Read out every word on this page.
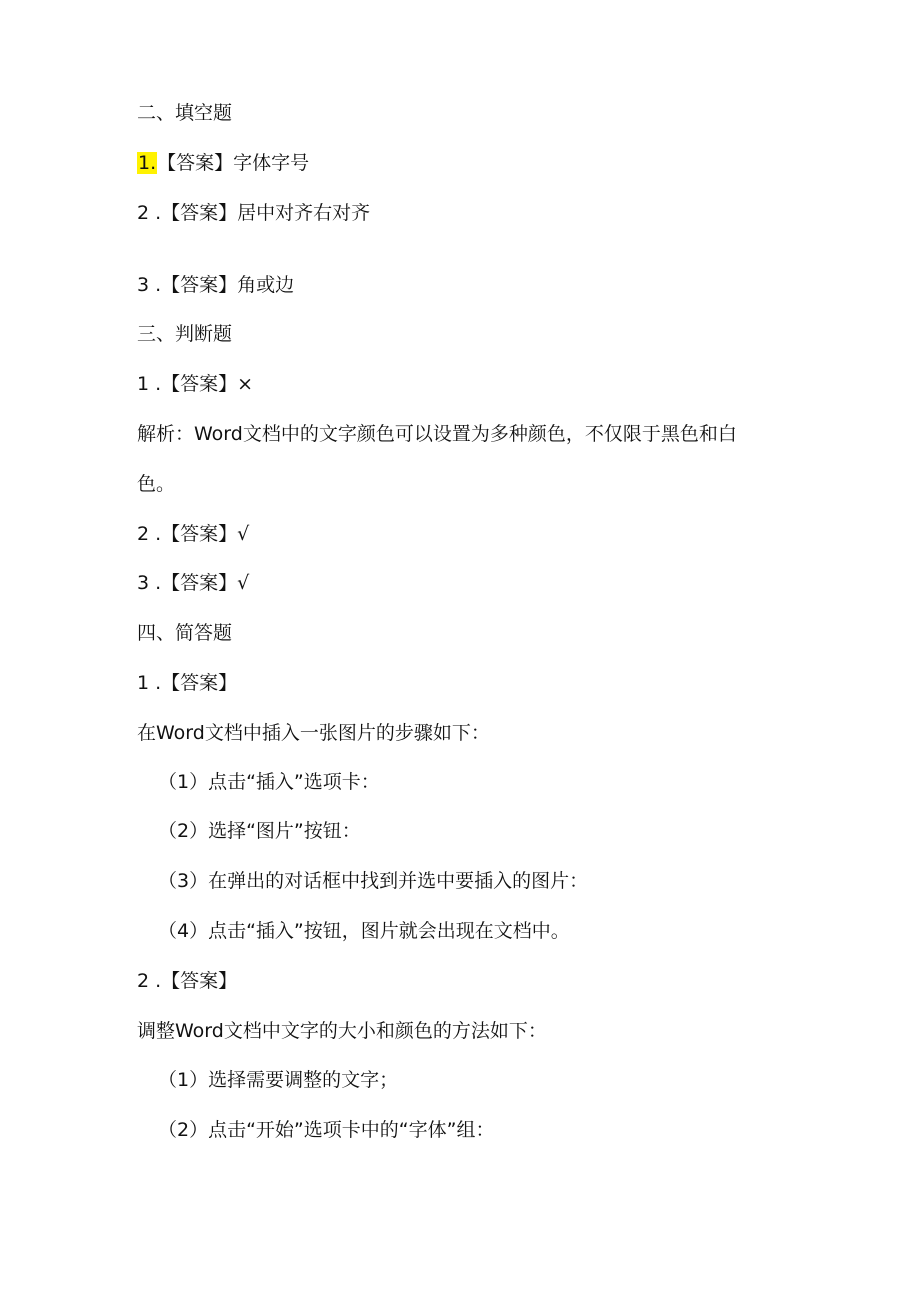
二、填空题
1.【答案】字体字号
2 .【答案】居中对齐右对齐
3 .【答案】角或边
三、判断题
1 .【答案】×
解析：Word文档中的文字颜色可以设置为多种颜色，不仅限于黑色和白
色。
2 .【答案】√
3 .【答案】√
四、简答题
1 .【答案】
在Word文档中插入一张图片的步骤如下：
（1）点击“插入”选项卡：
（2）选择“图片”按钮：
（3）在弹出的对话框中找到并选中要插入的图片：
（4）点击“插入”按钮，图片就会出现在文档中。
2 .【答案】
调整Word文档中文字的大小和颜色的方法如下：
（1）选择需要调整的文字；
（2）点击“开始”选项卡中的“字体”组：
